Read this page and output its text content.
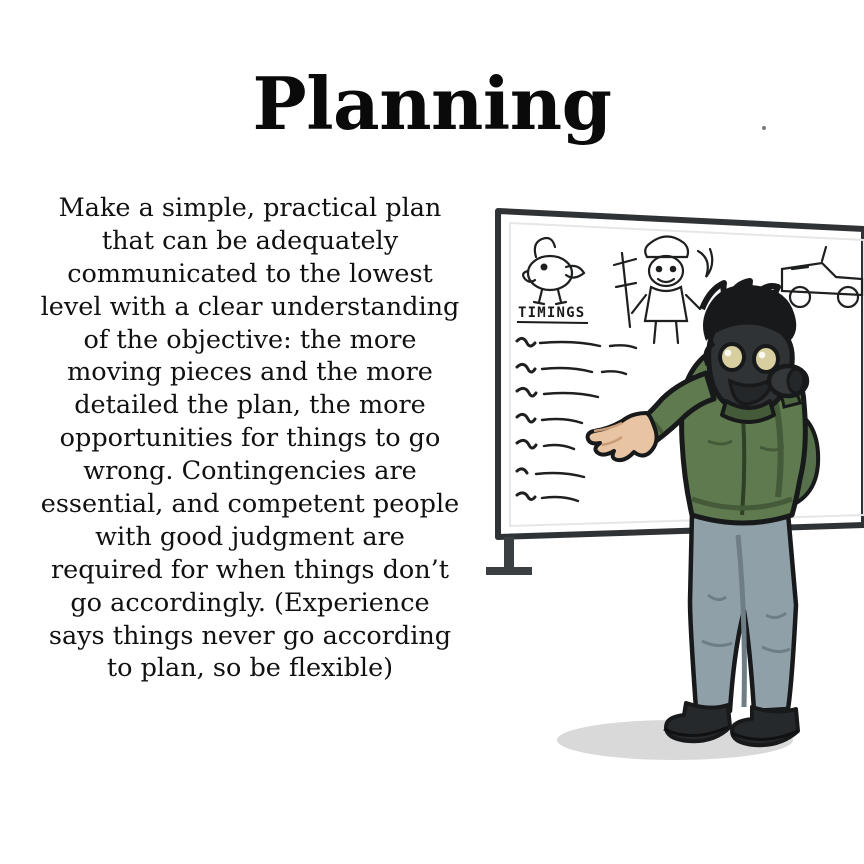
Planning
Make a simple, practical plan that can be adequately communicated to the lowest level with a clear understanding of the objective: the more moving pieces and the more detailed the plan, the more opportunities for things to go wrong. Contingencies are essential, and competent people with good judgment are required for when things don’t go accordingly. (Experience says things never go according to plan, so be flexible)
TIMINGS
